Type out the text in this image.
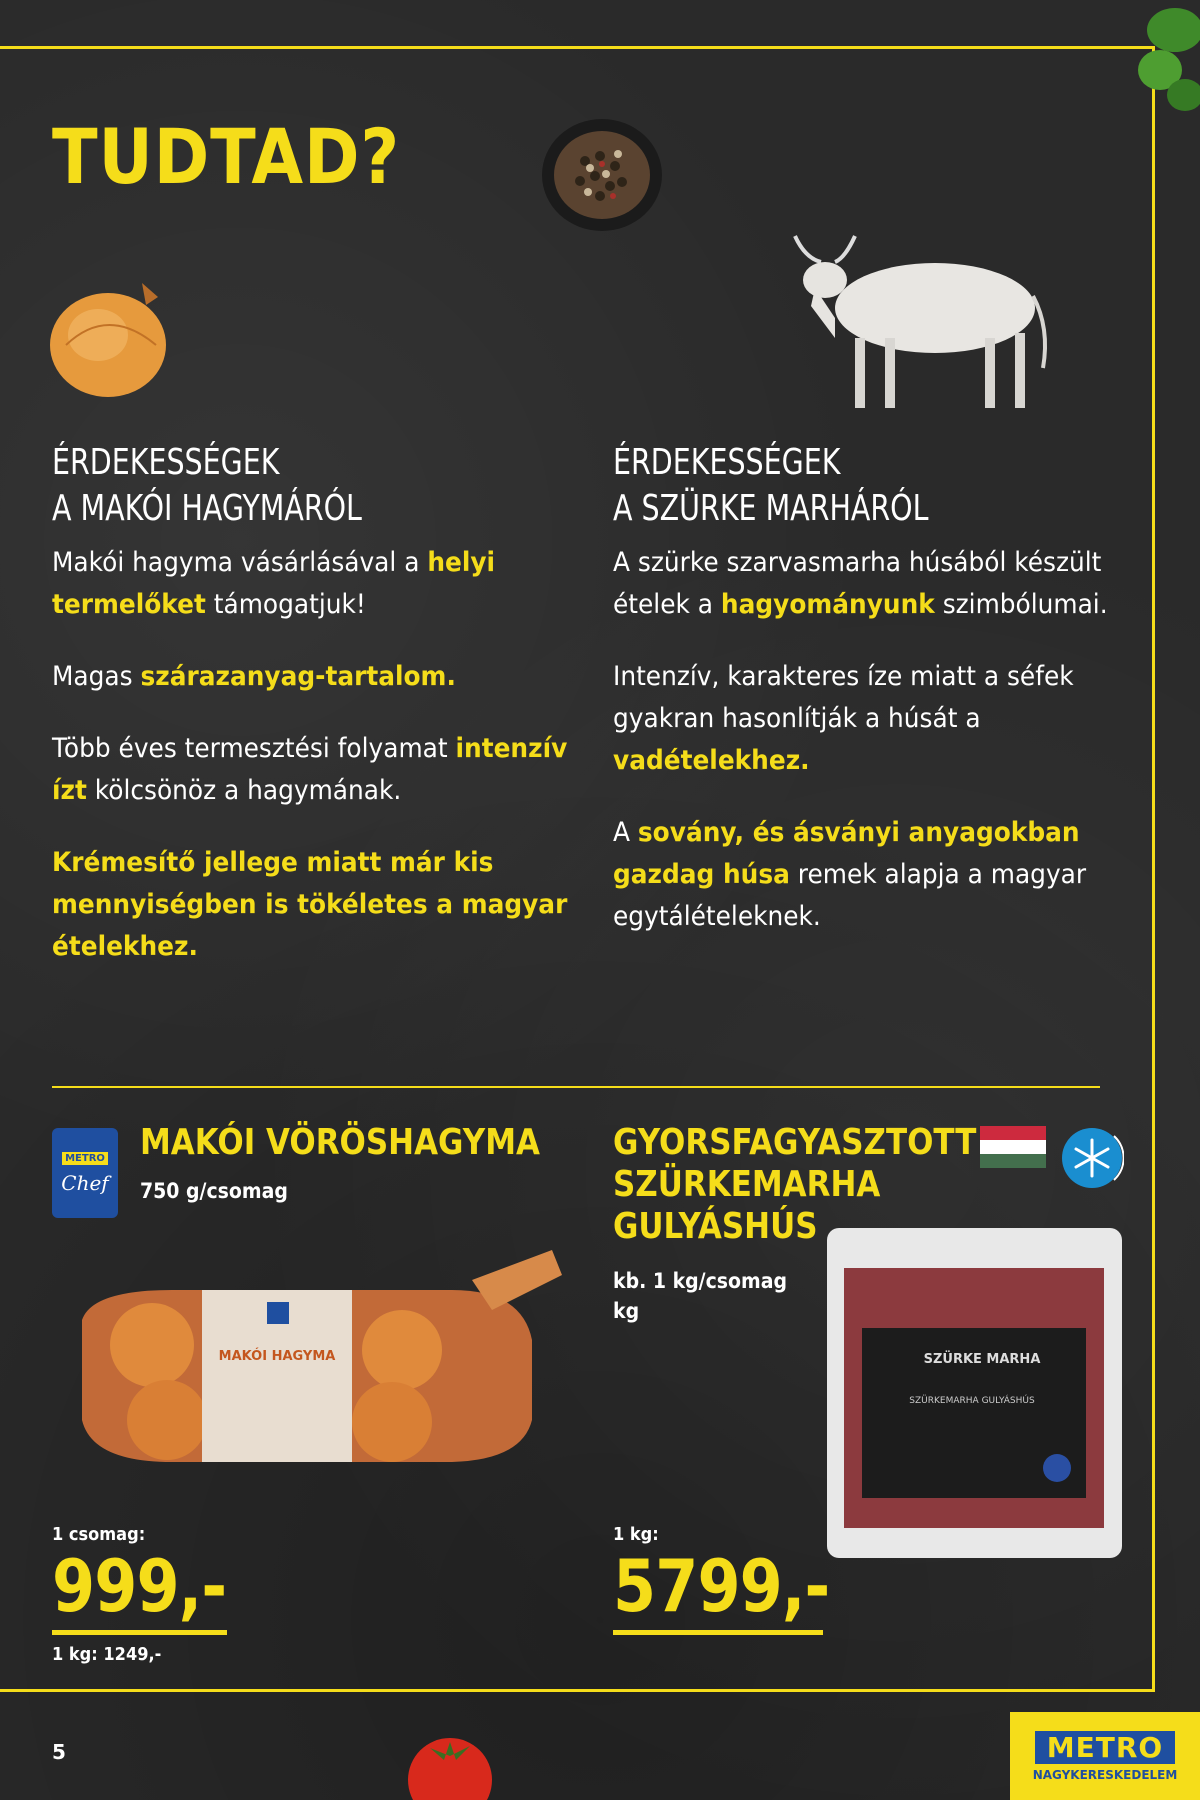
TUDTAD?
ÉRDEKESSÉGEK
A MAKÓI HAGYMÁRÓL

Makói hagyma vásárlásával a helyi termelőket támogatjuk!

Magas szárazanyag-tartalom.

Több éves termesztési folyamat intenzív ízt kölcsönöz a hagymának.

Krémesítő jellege miatt már kis mennyiségben is tökéletes a magyar ételekhez.

ÉRDEKESSÉGEK
A SZÜRKE MARHÁRÓL

A szürke szarvasmarha húsából készült ételek a hagyományunk szimbólumai.

Intenzív, karakteres íze miatt a séfek gyakran hasonlítják a húsát a vadételekhez.

A sovány, és ásványi anyagokban gazdag húsa remek alapja a magyar egytálételeknek.

METRO
Chef
MAKÓI VÖRÖSHAGYMA
750 g/csomag
MAKÓI HAGYMA
1 csomag:
999,-
1 kg: 1249,-
GYORSFAGYASZTOTT
SZÜRKEMARHA
GULYÁSHÚS
kb. 1 kg/csomag
kg
SZÜRKE MARHA
SZÜRKEMARHA GULYÁSHÚS
1 kg:
5799,-
5	METRO
NAGYKERESKEDELEM
